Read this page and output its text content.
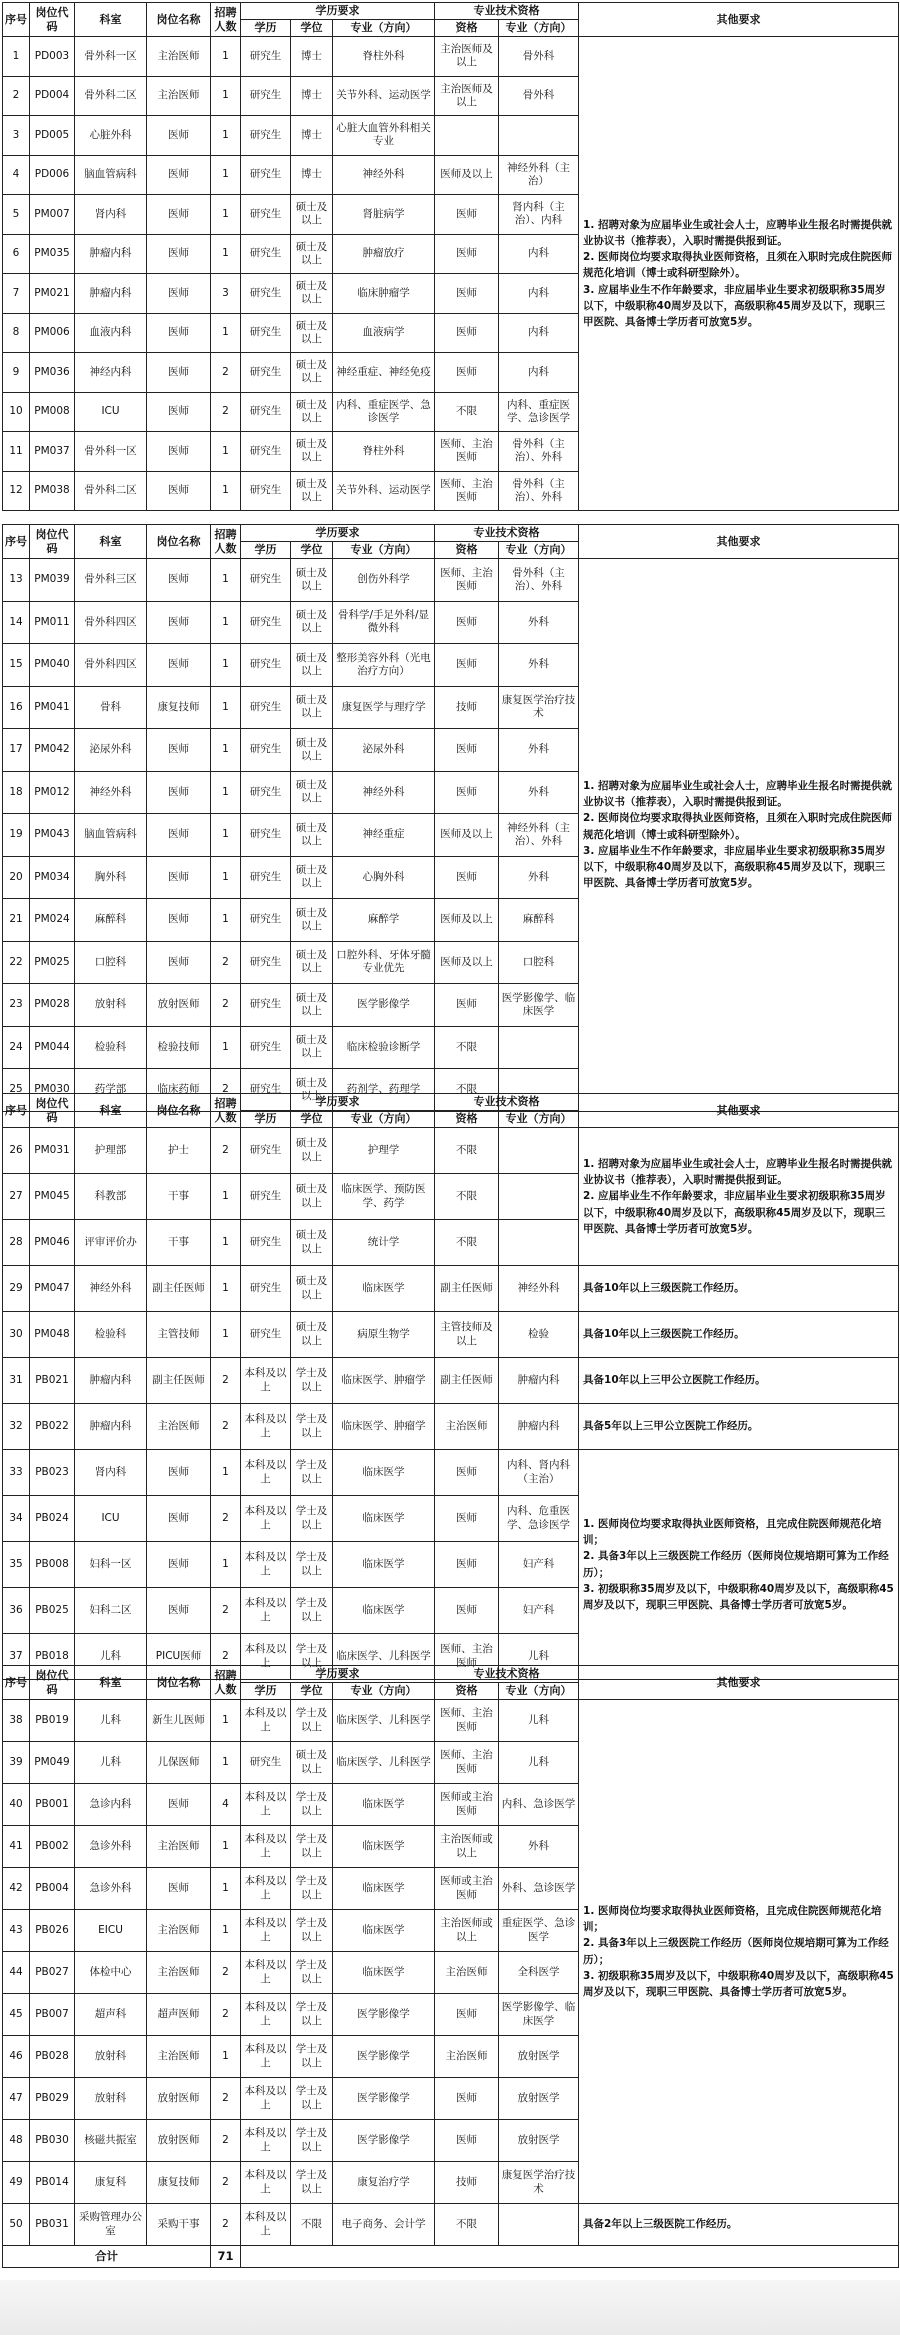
序号	岗位代码	科室	岗位名称	招聘人数	学历要求			专业技术资格		其他要求
					学历	学位	专业（方向）	资格	专业（方向）	
1	PD003	骨外科一区	主治医师	1	研究生	博士	脊柱外科	主治医师及以上	骨外科	1. 招聘对象为应届毕业生或社会人士，应聘毕业生报名时需提供就业协议书（推荐表），入职时需提供报到证。
2. 医师岗位均要求取得执业医师资格，且须在入职时完成住院医师规范化培训（博士或科研型除外）。
3. 应届毕业生不作年龄要求，非应届毕业生要求初级职称35周岁以下，中级职称40周岁及以下，高级职称45周岁及以下，现职三甲医院、具备博士学历者可放宽5岁。
2	PD004	骨外科二区	主治医师	1	研究生	博士	关节外科、运动医学	主治医师及以上	骨外科	
3	PD005	心脏外科	医师	1	研究生	博士	心脏大血管外科相关专业			
4	PD006	脑血管病科	医师	1	研究生	博士	神经外科	医师及以上	神经外科（主治）	
5	PM007	肾内科	医师	1	研究生	硕士及以上	肾脏病学	医师	肾内科（主治）、内科	
6	PM035	肿瘤内科	医师	1	研究生	硕士及以上	肿瘤放疗	医师	内科	
7	PM021	肿瘤内科	医师	3	研究生	硕士及以上	临床肿瘤学	医师	内科	
8	PM006	血液内科	医师	1	研究生	硕士及以上	血液病学	医师	内科	
9	PM036	神经内科	医师	2	研究生	硕士及以上	神经重症、神经免疫	医师	内科	
10	PM008	ICU	医师	2	研究生	硕士及以上	内科、重症医学、急诊医学	不限	内科、重症医学、急诊医学	
11	PM037	骨外科一区	医师	1	研究生	硕士及以上	脊柱外科	医师、主治医师	骨外科（主治）、外科	
12	PM038	骨外科二区	医师	1	研究生	硕士及以上	关节外科、运动医学	医师、主治医师	骨外科（主治）、外科	
序号	岗位代码	科室	岗位名称	招聘人数	学历要求			专业技术资格		其他要求
					学历	学位	专业（方向）	资格	专业（方向）	
13	PM039	骨外科三区	医师	1	研究生	硕士及以上	创伤外科学	医师、主治医师	骨外科（主治）、外科	1. 招聘对象为应届毕业生或社会人士，应聘毕业生报名时需提供就业协议书（推荐表），入职时需提供报到证。
2. 医师岗位均要求取得执业医师资格，且须在入职时完成住院医师规范化培训（博士或科研型除外）。
3. 应届毕业生不作年龄要求，非应届毕业生要求初级职称35周岁以下，中级职称40周岁及以下，高级职称45周岁及以下，现职三甲医院、具备博士学历者可放宽5岁。
14	PM011	骨外科四区	医师	1	研究生	硕士及以上	骨科学/手足外科/显微外科	医师	外科	
15	PM040	骨外科四区	医师	1	研究生	硕士及以上	整形美容外科（光电治疗方向）	医师	外科	
16	PM041	骨科	康复技师	1	研究生	硕士及以上	康复医学与理疗学	技师	康复医学治疗技术	
17	PM042	泌尿外科	医师	1	研究生	硕士及以上	泌尿外科	医师	外科	
18	PM012	神经外科	医师	1	研究生	硕士及以上	神经外科	医师	外科	
19	PM043	脑血管病科	医师	1	研究生	硕士及以上	神经重症	医师及以上	神经外科（主治）、外科	
20	PM034	胸外科	医师	1	研究生	硕士及以上	心胸外科	医师	外科	
21	PM024	麻醉科	医师	1	研究生	硕士及以上	麻醉学	医师及以上	麻醉科	
22	PM025	口腔科	医师	2	研究生	硕士及以上	口腔外科、牙体牙髓专业优先	医师及以上	口腔科	
23	PM028	放射科	放射医师	2	研究生	硕士及以上	医学影像学	医师	医学影像学、临床医学	
24	PM044	检验科	检验技师	1	研究生	硕士及以上	临床检验诊断学	不限		
25	PM030	药学部	临床药师	2	研究生	硕士及以上	药剂学、药理学	不限		
序号	岗位代码	科室	岗位名称	招聘人数	学历要求			专业技术资格		其他要求
					学历	学位	专业（方向）	资格	专业（方向）	
26	PM031	护理部	护士	2	研究生	硕士及以上	护理学	不限		1. 招聘对象为应届毕业生或社会人士，应聘毕业生报名时需提供就业协议书（推荐表），入职时需提供报到证。
2. 应届毕业生不作年龄要求，非应届毕业生要求初级职称35周岁以下，中级职称40周岁及以下，高级职称45周岁及以下，现职三甲医院、具备博士学历者可放宽5岁。
27	PM045	科教部	干事	1	研究生	硕士及以上	临床医学、预防医学、药学	不限		
28	PM046	评审评价办	干事	1	研究生	硕士及以上	统计学	不限		
29	PM047	神经外科	副主任医师	1	研究生	硕士及以上	临床医学	副主任医师	神经外科	具备10年以上三级医院工作经历。
30	PM048	检验科	主管技师	1	研究生	硕士及以上	病原生物学	主管技师及以上	检验	具备10年以上三级医院工作经历。
31	PB021	肿瘤内科	副主任医师	2	本科及以上	学士及以上	临床医学、肿瘤学	副主任医师	肿瘤内科	具备10年以上三甲公立医院工作经历。
32	PB022	肿瘤内科	主治医师	2	本科及以上	学士及以上	临床医学、肿瘤学	主治医师	肿瘤内科	具备5年以上三甲公立医院工作经历。
33	PB023	肾内科	医师	1	本科及以上	学士及以上	临床医学	医师	内科、肾内科（主治）	1. 医师岗位均要求取得执业医师资格，且完成住院医师规范化培训；
2. 具备3年以上三级医院工作经历（医师岗位规培期可算为工作经历）；
3. 初级职称35周岁及以下，中级职称40周岁及以下，高级职称45周岁及以下，现职三甲医院、具备博士学历者可放宽5岁。
34	PB024	ICU	医师	2	本科及以上	学士及以上	临床医学	医师	内科、危重医学、急诊医学	
35	PB008	妇科一区	医师	1	本科及以上	学士及以上	临床医学	医师	妇产科	
36	PB025	妇科二区	医师	2	本科及以上	学士及以上	临床医学	医师	妇产科	
37	PB018	儿科	PICU医师	2	本科及以上	学士及以上	临床医学、儿科医学	医师、主治医师	儿科	
序号	岗位代码	科室	岗位名称	招聘人数	学历要求			专业技术资格		其他要求
					学历	学位	专业（方向）	资格	专业（方向）	
38	PB019	儿科	新生儿医师	1	本科及以上	学士及以上	临床医学、儿科医学	医师、主治医师	儿科	1. 医师岗位均要求取得执业医师资格，且完成住院医师规范化培训；
2. 具备3年以上三级医院工作经历（医师岗位规培期可算为工作经历）；
3. 初级职称35周岁及以下，中级职称40周岁及以下，高级职称45周岁及以下，现职三甲医院、具备博士学历者可放宽5岁。
39	PM049	儿科	儿保医师	1	研究生	硕士及以上	临床医学、儿科医学	医师、主治医师	儿科	
40	PB001	急诊内科	医师	4	本科及以上	学士及以上	临床医学	医师或主治医师	内科、急诊医学	
41	PB002	急诊外科	主治医师	1	本科及以上	学士及以上	临床医学	主治医师或以上	外科	
42	PB004	急诊外科	医师	1	本科及以上	学士及以上	临床医学	医师或主治医师	外科、急诊医学	
43	PB026	EICU	主治医师	1	本科及以上	学士及以上	临床医学	主治医师或以上	重症医学、急诊医学	
44	PB027	体检中心	主治医师	2	本科及以上	学士及以上	临床医学	主治医师	全科医学	
45	PB007	超声科	超声医师	2	本科及以上	学士及以上	医学影像学	医师	医学影像学、临床医学	
46	PB028	放射科	主治医师	1	本科及以上	学士及以上	医学影像学	主治医师	放射医学	
47	PB029	放射科	放射医师	2	本科及以上	学士及以上	医学影像学	医师	放射医学	
48	PB030	核磁共振室	放射医师	2	本科及以上	学士及以上	医学影像学	医师	放射医学	
49	PB014	康复科	康复技师	2	本科及以上	学士及以上	康复治疗学	技师	康复医学治疗技术	
50	PB031	采购管理办公室	采购干事	2	本科及以上	不限	电子商务、会计学	不限		具备2年以上三级医院工作经历。
合计				71						
